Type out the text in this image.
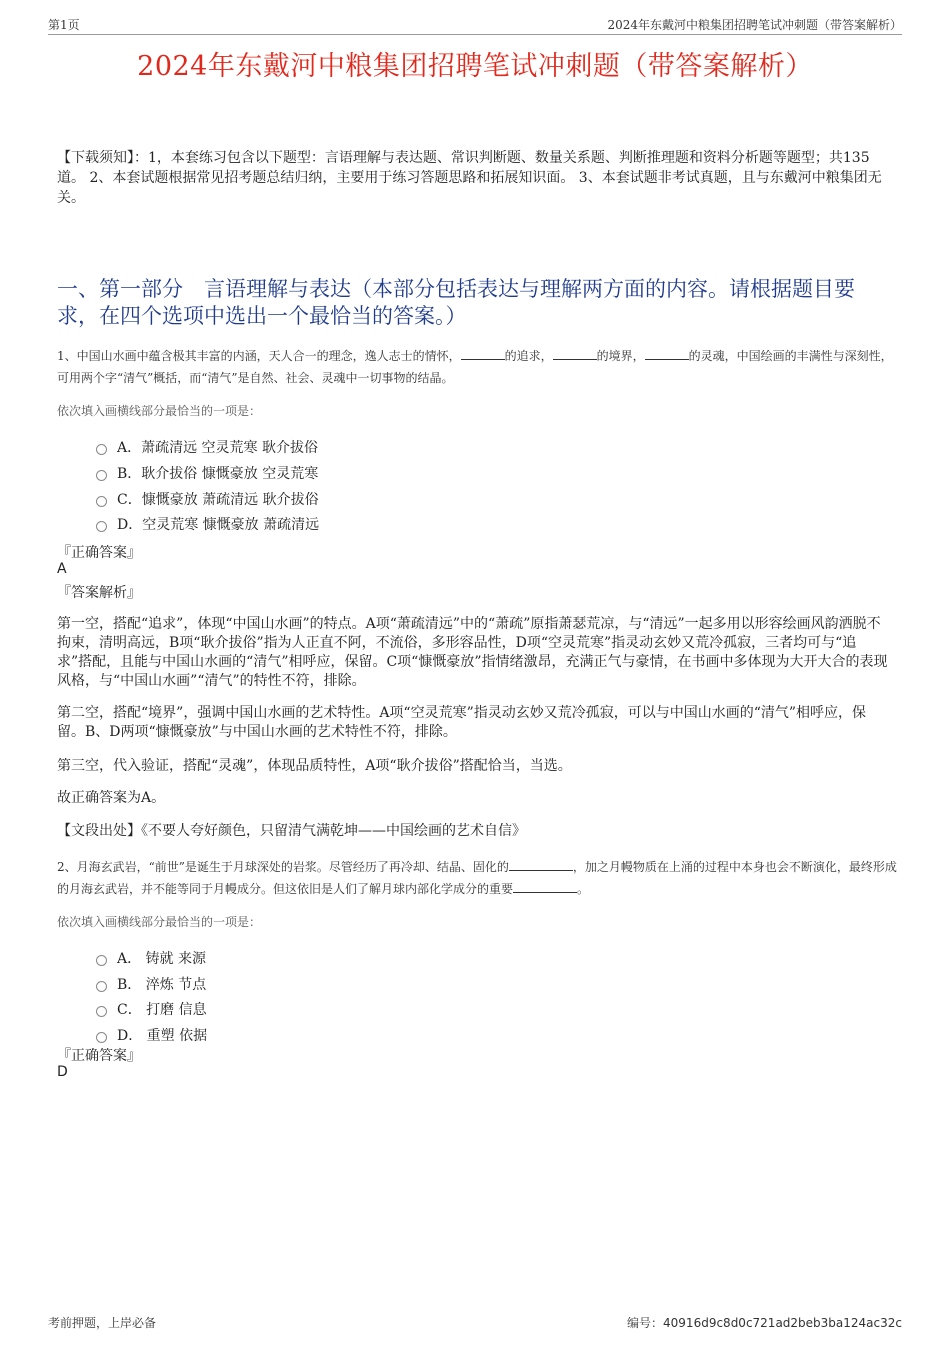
第1页	2024年东戴河中粮集团招聘笔试冲刺题（带答案解析）
2024年东戴河中粮集团招聘笔试冲刺题（带答案解析）
【下载须知】：1，本套练习包含以下题型：言语理解与表达题、常识判断题、数量关系题、判断推理题和资料分析题等题型；共135道。 2、本套试题根据常见招考题总结归纳，主要用于练习答题思路和拓展知识面。 3、本套试题非考试真题，且与东戴河中粮集团无关。
一、第一部分　言语理解与表达（本部分包括表达与理解两方面的内容。请根据题目要求，在四个选项中选出一个最恰当的答案。）
1、中国山水画中蕴含极其丰富的内涵，天人合一的理念，逸人志士的情怀，	的追求，	的境界，	的灵魂，中国绘画的丰满性与深刻性，可用两个字“清气”概括，而“清气”是自然、社会、灵魂中一切事物的结晶。
依次填入画横线部分最恰当的一项是：
A．萧疏清远 空灵荒寒 耿介拔俗
B．耿介拔俗 慷慨豪放 空灵荒寒
C．慷慨豪放 萧疏清远 耿介拔俗
D．空灵荒寒 慷慨豪放 萧疏清远
『正确答案』
A
『答案解析』
第一空，搭配“追求”，体现“中国山水画”的特点。A项“萧疏清远”中的“萧疏”原指萧瑟荒凉，与“清远”一起多用以形容绘画风韵洒脱不拘束，清明高远，B项“耿介拔俗”指为人正直不阿，不流俗，多形容品性，D项“空灵荒寒”指灵动玄妙又荒冷孤寂，三者均可与“追求”搭配，且能与中国山水画的“清气”相呼应，保留。C项“慷慨豪放”指情绪激昂，充满正气与豪情，在书画中多体现为大开大合的表现风格，与“中国山水画”“清气”的特性不符，排除。
第二空，搭配“境界”，强调中国山水画的艺术特性。A项“空灵荒寒”指灵动玄妙又荒冷孤寂，可以与中国山水画的“清气”相呼应，保留。B、D两项“慷慨豪放”与中国山水画的艺术特性不符，排除。
第三空，代入验证，搭配“灵魂”，体现品质特性，A项“耿介拔俗”搭配恰当，当选。
故正确答案为A。
【文段出处】《不要人夸好颜色，只留清气满乾坤——中国绘画的艺术自信》
2、月海玄武岩，“前世”是诞生于月球深处的岩浆。尽管经历了再冷却、结晶、固化的	，加之月幔物质在上涌的过程中本身也会不断演化，最终形成的月海玄武岩，并不能等同于月幔成分。但这依旧是人们了解月球内部化学成分的重要	。
依次填入画横线部分最恰当的一项是：
A． 铸就 来源
B． 淬炼 节点
C． 打磨 信息
D． 重塑 依据
『正确答案』
D
考前押题，上岸必备	编号：40916d9c8d0c721ad2beb3ba124ac32c
